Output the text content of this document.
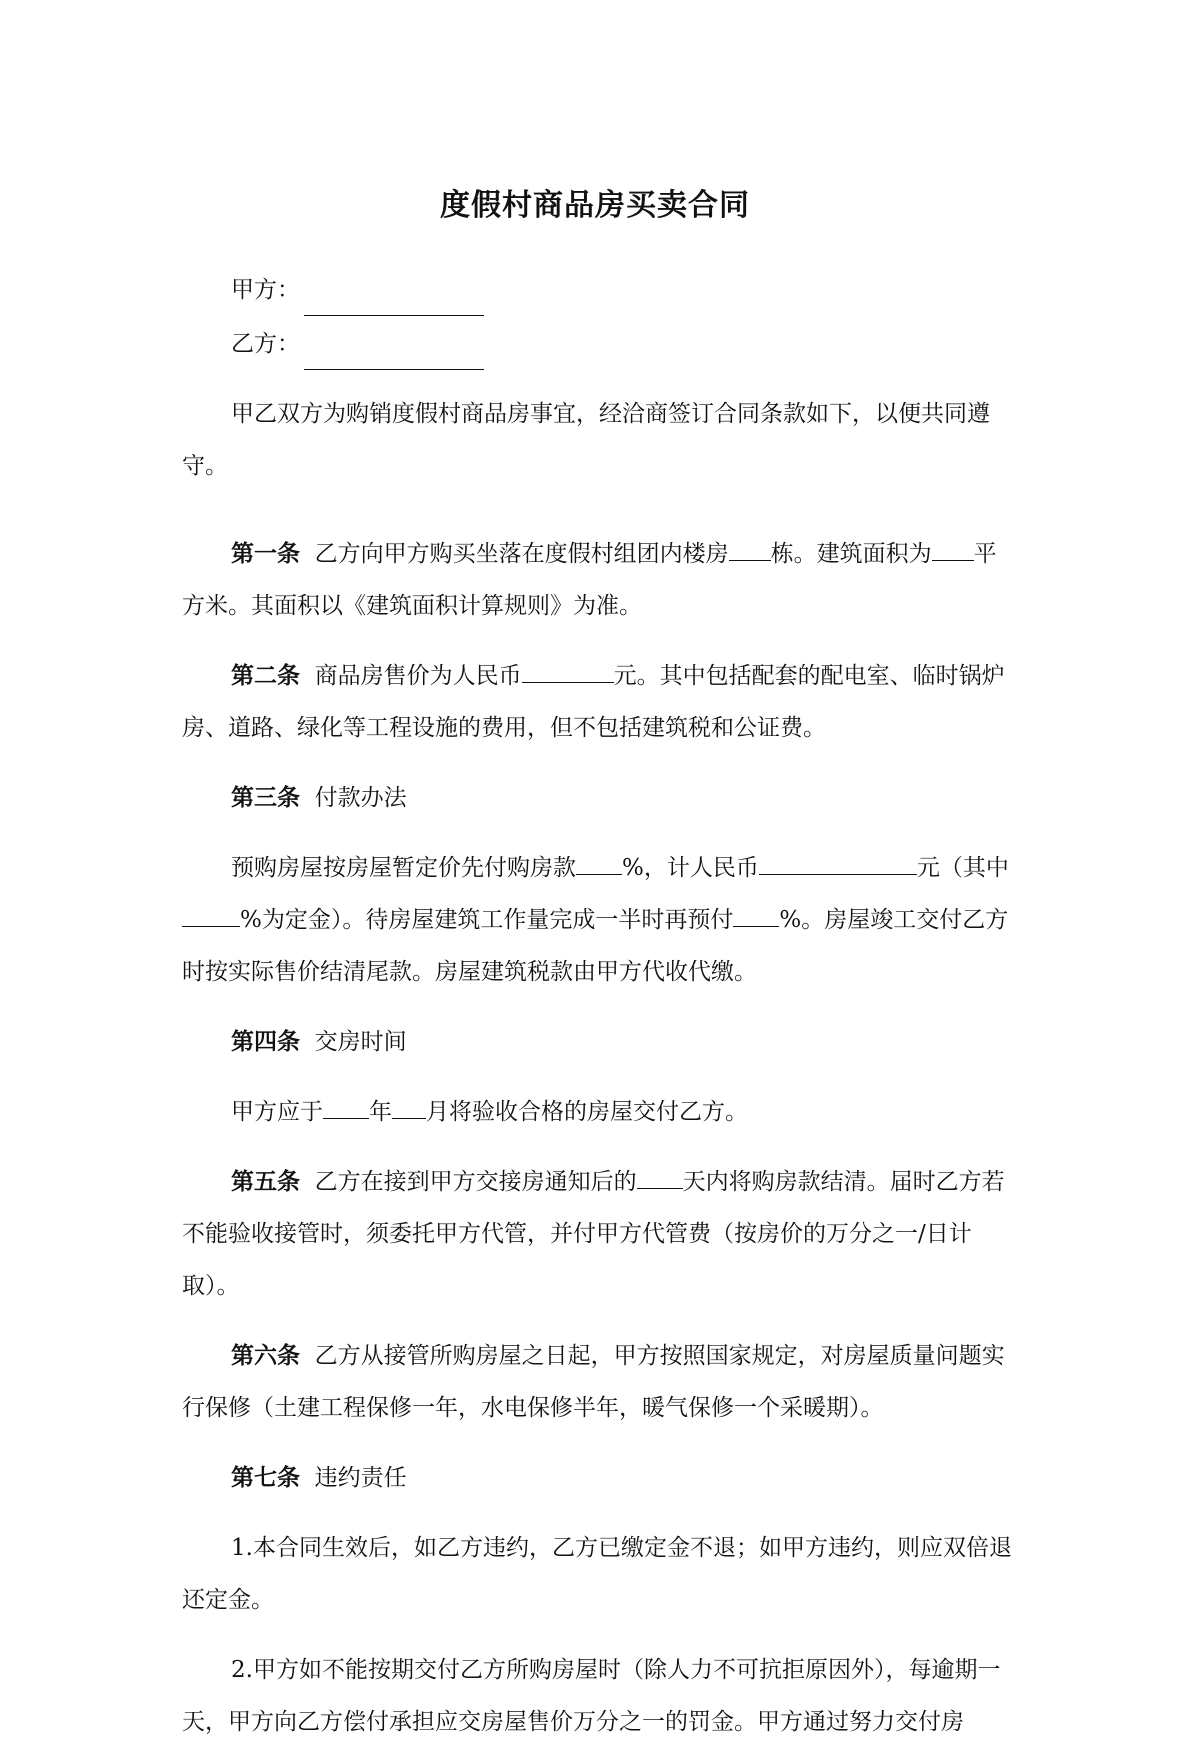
度假村商品房买卖合同
甲方：
乙方：

甲乙双方为购销度假村商品房事宜，经洽商签订合同条款如下，以便共同遵守。

第一条 乙方向甲方购买坐落在度假村组团内楼房 栋。建筑面积为 平方米。其面积以《建筑面积计算规则》为准。

第二条 商品房售价为人民币	元。其中包括配套的配电室、临时锅炉房、道路、绿化等工程设施的费用，但不包括建筑税和公证费。

第三条 付款办法

预购房屋按房屋暂定价先付购房款 %，计人民币	元（其中%为定金）。待房屋建筑工作量完成一半时再预付 %。房屋竣工交付乙方时按实际售价结清尾款。房屋建筑税款由甲方代收代缴。

第四条 交房时间

甲方应于 年 月将验收合格的房屋交付乙方。

第五条 乙方在接到甲方交接房通知后的 天内将购房款结清。届时乙方若不能验收接管时，须委托甲方代管，并付甲方代管费（按房价的万分之一/日计取）。

第六条 乙方从接管所购房屋之日起，甲方按照国家规定，对房屋质量问题实行保修（土建工程保修一年，水电保修半年，暖气保修一个采暖期）。

第七条 违约责任

1.本合同生效后，如乙方违约，乙方已缴定金不退；如甲方违约，则应双倍退还定金。

2.甲方如不能按期交付乙方所购房屋时（除人力不可抗拒原因外），每逾期一天，甲方向乙方偿付承担应交房屋售价万分之一的罚金。甲方通过努力交付房
